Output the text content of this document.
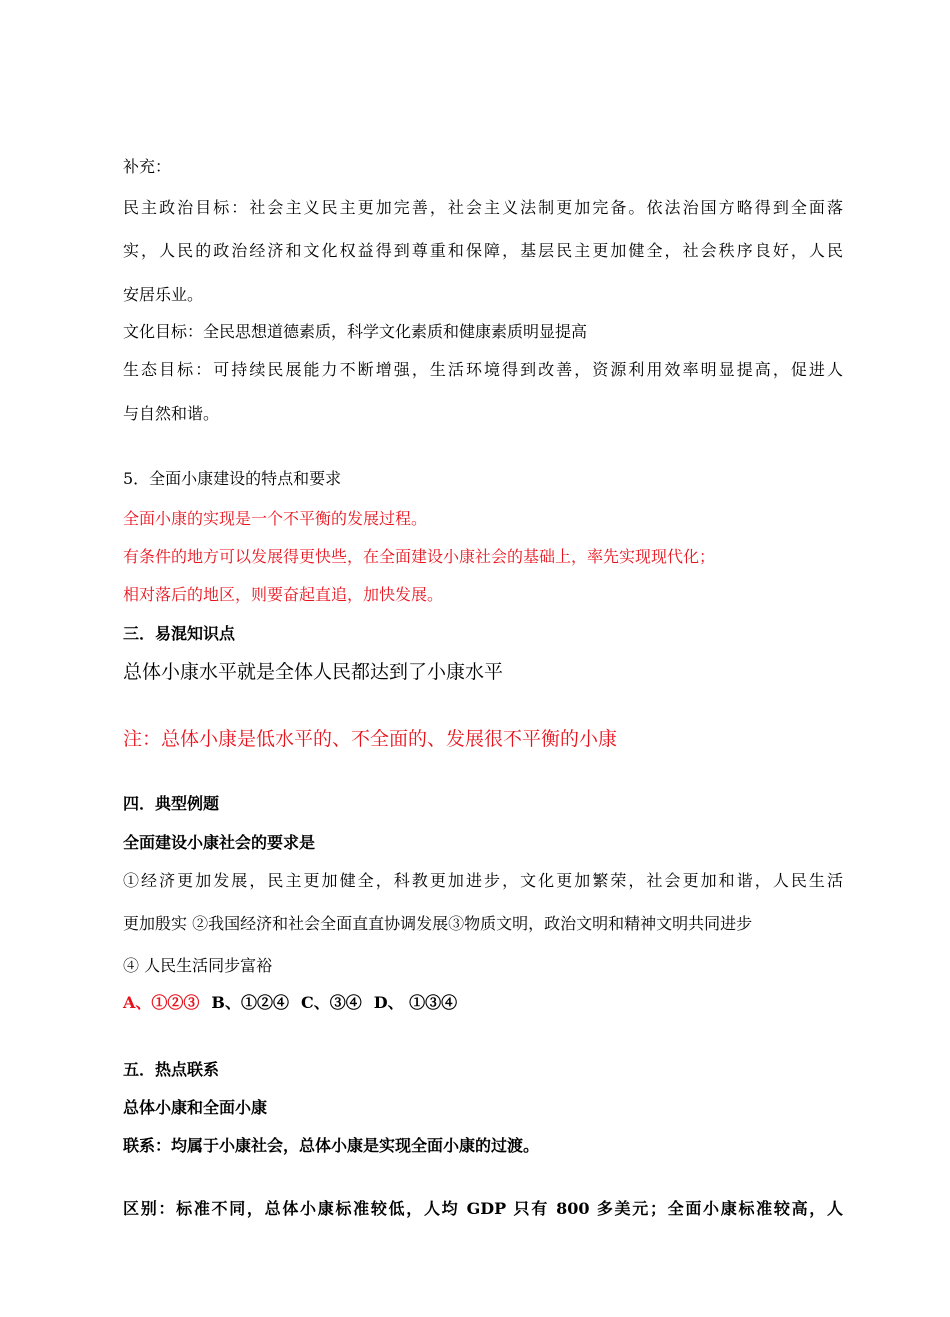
补充：
民主政治目标：社会主义民主更加完善，社会主义法制更加完备。依法治国方略得到全面落
实，人民的政治经济和文化权益得到尊重和保障，基层民主更加健全，社会秩序良好，人民
安居乐业。
文化目标：全民思想道德素质，科学文化素质和健康素质明显提高
生态目标：可持续民展能力不断增强，生活环境得到改善，资源利用效率明显提高，促进人
与自然和谐。
5．全面小康建设的特点和要求
全面小康的实现是一个不平衡的发展过程。
有条件的地方可以发展得更快些，在全面建设小康社会的基础上，率先实现现代化；
相对落后的地区，则要奋起直追，加快发展。
三．易混知识点
总体小康水平就是全体人民都达到了小康水平
注：总体小康是低水平的、不全面的、发展很不平衡的小康
四．典型例题
全面建设小康社会的要求是
①经济更加发展，民主更加健全，科教更加进步，文化更加繁荣，社会更加和谐，人民生活
更加殷实 ②我国经济和社会全面直直协调发展③物质文明，政治文明和精神文明共同进步
④ 人民生活同步富裕
A、①②③ B、①②④ C、③④ D、 ①③④
五．热点联系
总体小康和全面小康
联系：均属于小康社会，总体小康是实现全面小康的过渡。
区别：标准不同，总体小康标准较低，人均 GDP 只有 800 多美元；全面小康标准较高，人
